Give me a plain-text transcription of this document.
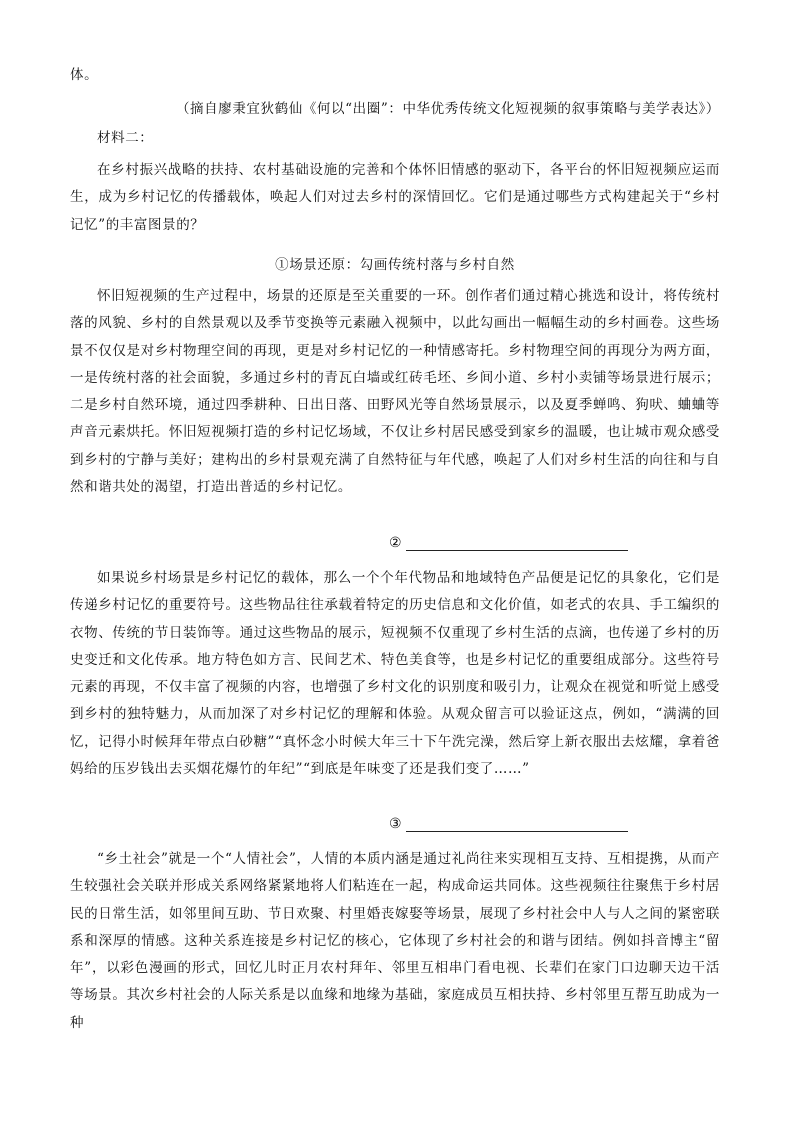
体。
（摘自廖秉宜狄鹤仙《何以“出圈”：中华优秀传统文化短视频的叙事策略与美学表达》）
材料二：
在乡村振兴战略的扶持、农村基础设施的完善和个体怀旧情感的驱动下，各平台的怀旧短视频应运而生，成为乡村记忆的传播载体，唤起人们对过去乡村的深情回忆。它们是通过哪些方式构建起关于“乡村记忆”的丰富图景的？
①场景还原：勾画传统村落与乡村自然
怀旧短视频的生产过程中，场景的还原是至关重要的一环。创作者们通过精心挑选和设计，将传统村落的风貌、乡村的自然景观以及季节变换等元素融入视频中，以此勾画出一幅幅生动的乡村画卷。这些场景不仅仅是对乡村物理空间的再现，更是对乡村记忆的一种情感寄托。乡村物理空间的再现分为两方面，一是传统村落的社会面貌，多通过乡村的青瓦白墙或红砖毛坯、乡间小道、乡村小卖铺等场景进行展示；二是乡村自然环境，通过四季耕种、日出日落、田野风光等自然场景展示，以及夏季蝉鸣、狗吠、蛐蛐等声音元素烘托。怀旧短视频打造的乡村记忆场域，不仅让乡村居民感受到家乡的温暖，也让城市观众感受到乡村的宁静与美好；建构出的乡村景观充满了自然特征与年代感，唤起了人们对乡村生活的向往和与自然和谐共处的渴望，打造出普适的乡村记忆。
②
如果说乡村场景是乡村记忆的载体，那么一个个年代物品和地域特色产品便是记忆的具象化，它们是传递乡村记忆的重要符号。这些物品往往承载着特定的历史信息和文化价值，如老式的农具、手工编织的衣物、传统的节日装饰等。通过这些物品的展示，短视频不仅重现了乡村生活的点滴，也传递了乡村的历史变迁和文化传承。地方特色如方言、民间艺术、特色美食等，也是乡村记忆的重要组成部分。这些符号元素的再现，不仅丰富了视频的内容，也增强了乡村文化的识别度和吸引力，让观众在视觉和听觉上感受到乡村的独特魅力，从而加深了对乡村记忆的理解和体验。从观众留言可以验证这点，例如，“满满的回忆，记得小时候拜年带点白砂糖”“真怀念小时候大年三十下午洗完澡，然后穿上新衣服出去炫耀，拿着爸妈给的压岁钱出去买烟花爆竹的年纪”“到底是年味变了还是我们变了……”
③
“乡土社会”就是一个“人情社会”，人情的本质内涵是通过礼尚往来实现相互支持、互相提携，从而产生较强社会关联并形成关系网络紧紧地将人们粘连在一起，构成命运共同体。这些视频往往聚焦于乡村居民的日常生活，如邻里间互助、节日欢聚、村里婚丧嫁娶等场景，展现了乡村社会中人与人之间的紧密联系和深厚的情感。这种关系连接是乡村记忆的核心，它体现了乡村社会的和谐与团结。例如抖音博主“留年”，以彩色漫画的形式，回忆儿时正月农村拜年、邻里互相串门看电视、长辈们在家门口边聊天边干活等场景。其次乡村社会的人际关系是以血缘和地缘为基础，家庭成员互相扶持、乡村邻里互帮互助成为一种
